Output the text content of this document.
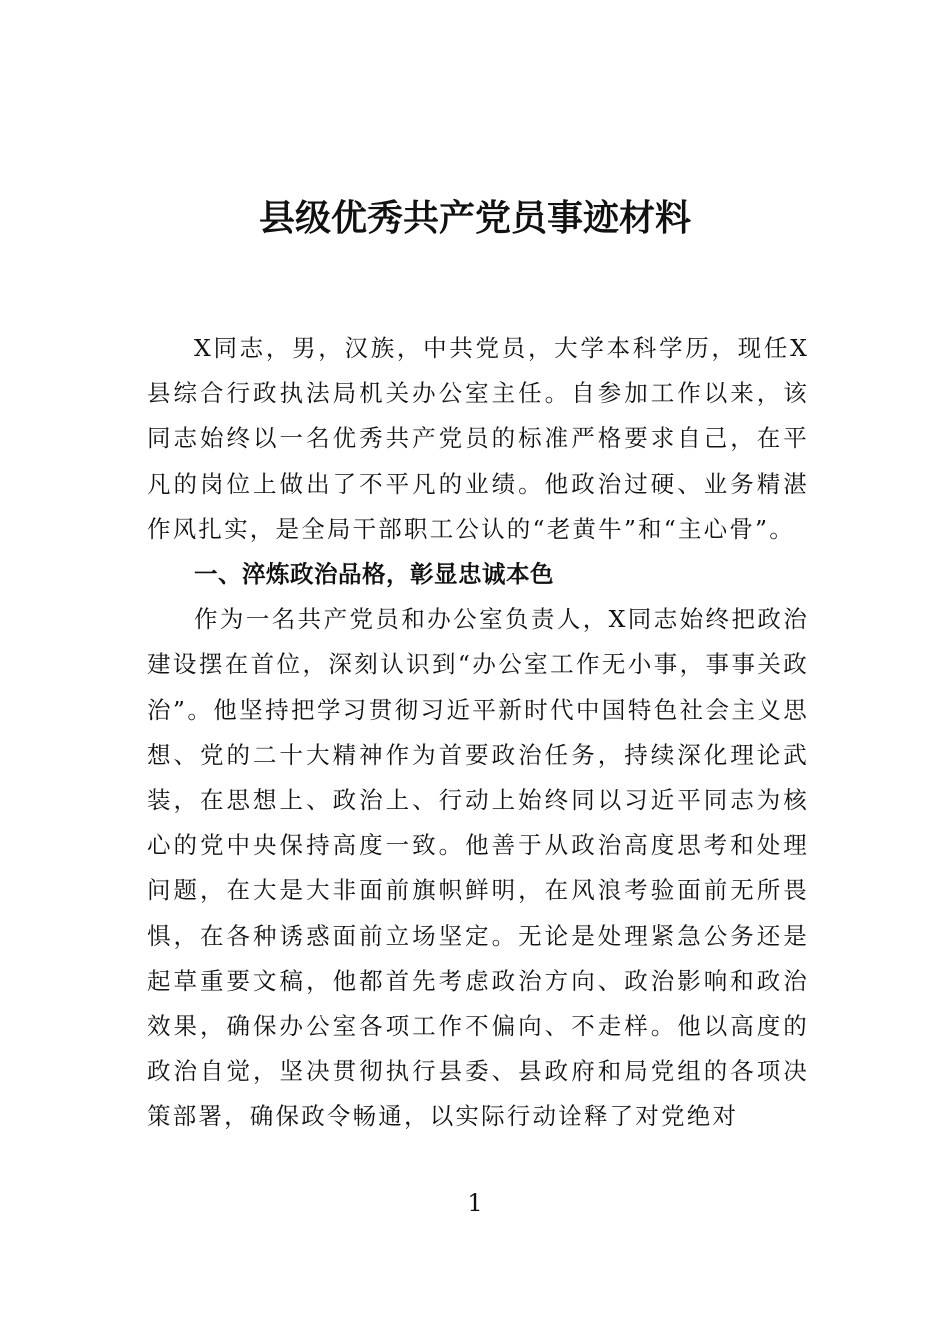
县级优秀共产党员事迹材料

X同志，男，汉族，中共党员，大学本科学历，现任X县综合行政执法局机关办公室主任。自参加工作以来，该同志始终以一名优秀共产党员的标准严格要求自己，在平凡的岗位上做出了不平凡的业绩。他政治过硬、业务精湛作风扎实，是全局干部职工公认的“老黄牛”和“主心骨”。

一、淬炼政治品格，彰显忠诚本色

作为一名共产党员和办公室负责人，X同志始终把政治建设摆在首位，深刻认识到“办公室工作无小事，事事关政治”。他坚持把学习贯彻习近平新时代中国特色社会主义思想、党的二十大精神作为首要政治任务，持续深化理论武装，在思想上、政治上、行动上始终同以习近平同志为核心的党中央保持高度一致。他善于从政治高度思考和处理问题，在大是大非面前旗帜鲜明，在风浪考验面前无所畏惧，在各种诱惑面前立场坚定。无论是处理紧急公务还是起草重要文稿，他都首先考虑政治方向、政治影响和政治效果，确保办公室各项工作不偏向、不走样。他以高度的政治自觉，坚决贯彻执行县委、县政府和局党组的各项决策部署，确保政令畅通，以实际行动诠释了对党绝对

1
